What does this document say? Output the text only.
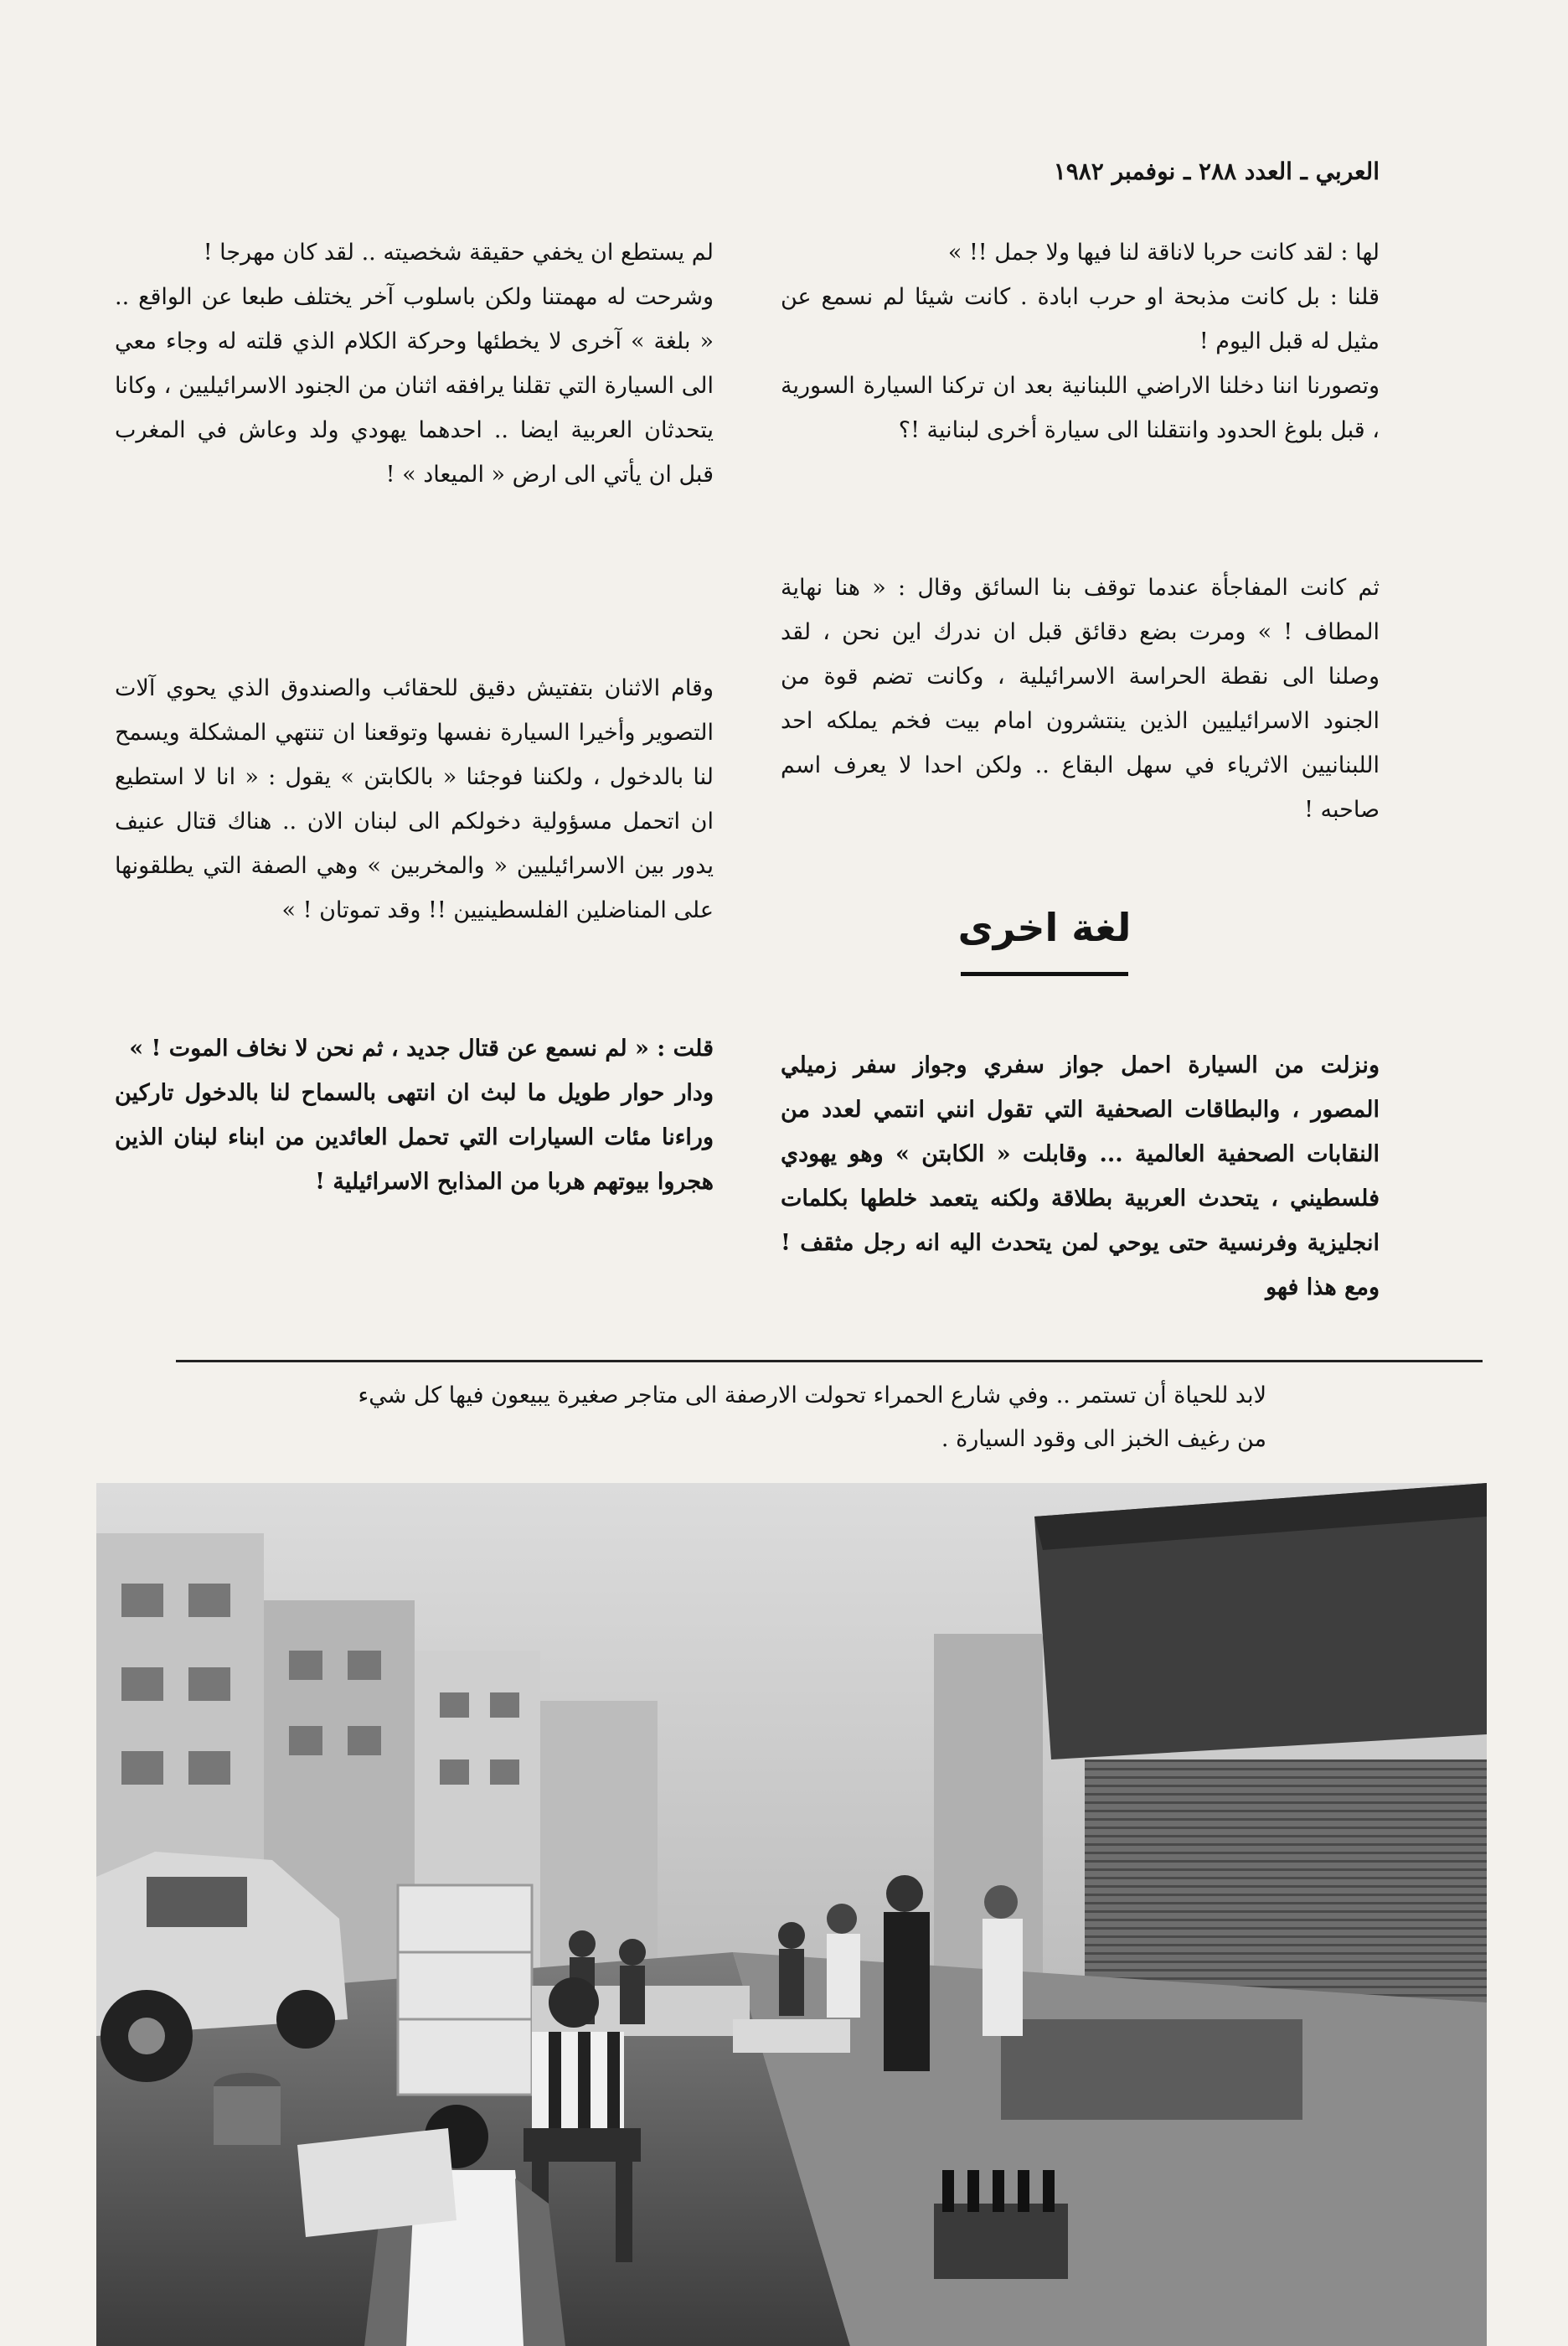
العربي ـ العدد ٢٨٨ ـ نوفمبر ١٩٨٢

لها : لقد كانت حربا لاناقة لنا فيها ولا جمل !! »

قلنا : بل كانت مذبحة او حرب ابادة . كانت شيئا لم نسمع عن مثيل له قبل اليوم !

وتصورنا اننا دخلنا الاراضي اللبنانية بعد ان تركنا السيارة السورية ، قبل بلوغ الحدود وانتقلنا الى سيارة أخرى لبنانية !؟

ثم كانت المفاجأة عندما توقف بنا السائق وقال : « هنا نهاية المطاف ! » ومرت بضع دقائق قبل ان ندرك اين نحن ، لقد وصلنا الى نقطة الحراسة الاسرائيلية ، وكانت تضم قوة من الجنود الاسرائيليين الذين ينتشرون امام بيت فخم يملكه احد اللبنانيين الاثرياء في سهل البقاع .. ولكن احدا لا يعرف اسم صاحبه !

لغة اخرى

ونزلت من السيارة احمل جواز سفري وجواز سفر زميلي المصور ، والبطاقات الصحفية التي تقول انني انتمي لعدد من النقابات الصحفية العالمية ... وقابلت « الكابتن » وهو يهودي فلسطيني ، يتحدث العربية بطلاقة ولكنه يتعمد خلطها بكلمات انجليزية وفرنسية حتى يوحي لمن يتحدث اليه انه رجل مثقف ! ومع هذا فهو

لم يستطع ان يخفي حقيقة شخصيته .. لقد كان مهرجا !

وشرحت له مهمتنا ولكن باسلوب آخر يختلف طبعا عن الواقع .. « بلغة » آخرى لا يخطئها وحركة الكلام الذي قلته له وجاء معي الى السيارة التي تقلنا يرافقه اثنان من الجنود الاسرائيليين ، وكانا يتحدثان العربية ايضا .. احدهما يهودي ولد وعاش في المغرب قبل ان يأتي الى ارض « الميعاد » !

وقام الاثنان بتفتيش دقيق للحقائب والصندوق الذي يحوي آلات التصوير وأخيرا السيارة نفسها وتوقعنا ان تنتهي المشكلة ويسمح لنا بالدخول ، ولكننا فوجئنا « بالكابتن » يقول : « انا لا استطيع ان اتحمل مسؤولية دخولكم الى لبنان الان .. هناك قتال عنيف يدور بين الاسرائيليين « والمخربين » وهي الصفة التي يطلقونها على المناضلين الفلسطينيين !! وقد تموتان ! »

قلت : « لم نسمع عن قتال جديد ، ثم نحن لا نخاف الموت ! »

ودار حوار طويل ما لبث ان انتهى بالسماح لنا بالدخول تاركين وراءنا مئات السيارات التي تحمل العائدين من ابناء لبنان الذين هجروا بيوتهم هربا من المذابح الاسرائيلية !

لابد للحياة أن تستمر .. وفي شارع الحمراء تحولت الارصفة الى متاجر صغيرة يبيعون فيها كل شيء
من رغيف الخبز الى وقود السيارة .
